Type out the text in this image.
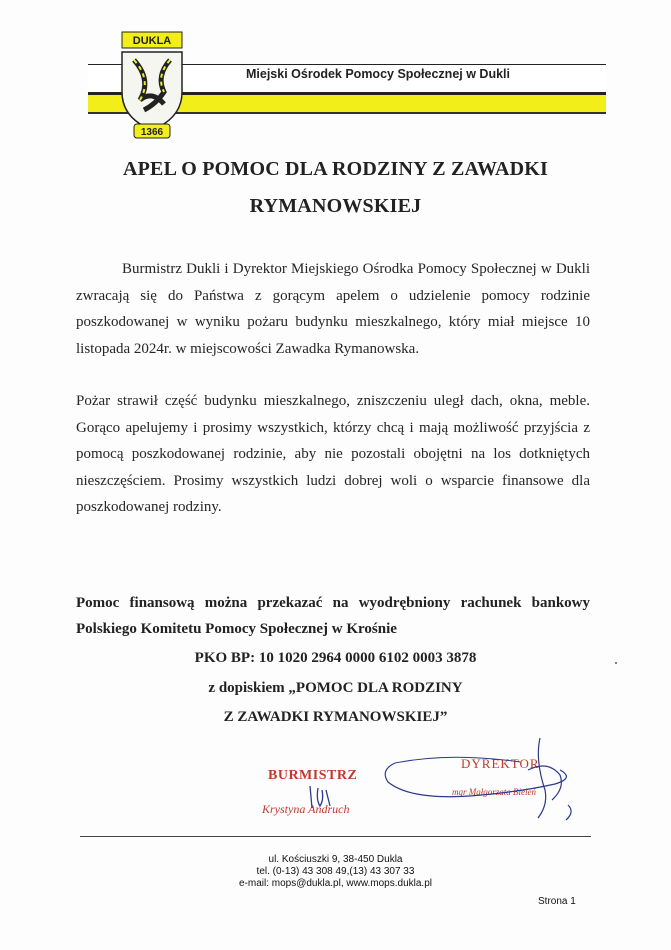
Miejski Ośrodek Pomocy Społecznej w Dukli
DUKLA
1366
APEL O POMOC DLA RODZINY Z ZAWADKI
RYMANOWSKIEJ
Burmistrz Dukli i Dyrektor Miejskiego Ośrodka Pomocy Społecznej w Dukli zwracają się do Państwa z gorącym apelem o udzielenie pomocy rodzinie poszkodowanej w wyniku pożaru budynku mieszkalnego, który miał miejsce 10 listopada 2024r. w miejscowości Zawadka Rymanowska.
Pożar strawił część budynku mieszkalnego, zniszczeniu uległ dach, okna, meble. Gorąco apelujemy i prosimy wszystkich, którzy chcą i mają możliwość przyjścia z pomocą poszkodowanej rodzinie, aby nie pozostali obojętni na los dotkniętych nieszczęściem. Prosimy wszystkich ludzi dobrej woli o wsparcie finansowe dla poszkodowanej rodziny.
Pomoc finansową można przekazać na wyodrębniony rachunek bankowy Polskiego Komitetu Pomocy Społecznej w Krośnie
PKO BP: 10 1020 2964 0000 6102 0003 3878
z dopiskiem „POMOC DLA RODZINY
Z ZAWADKI RYMANOWSKIEJ”
BURMISTRZ
Krystyna Andruch
DYREKTOR
mgr Małgorzata Bieleń
ul. Kościuszki 9, 38-450 Dukla
tel. (0-13) 43 308 49,(13) 43 307 33
e-mail: mops@dukla.pl, www.mops.dukla.pl
Strona 1
